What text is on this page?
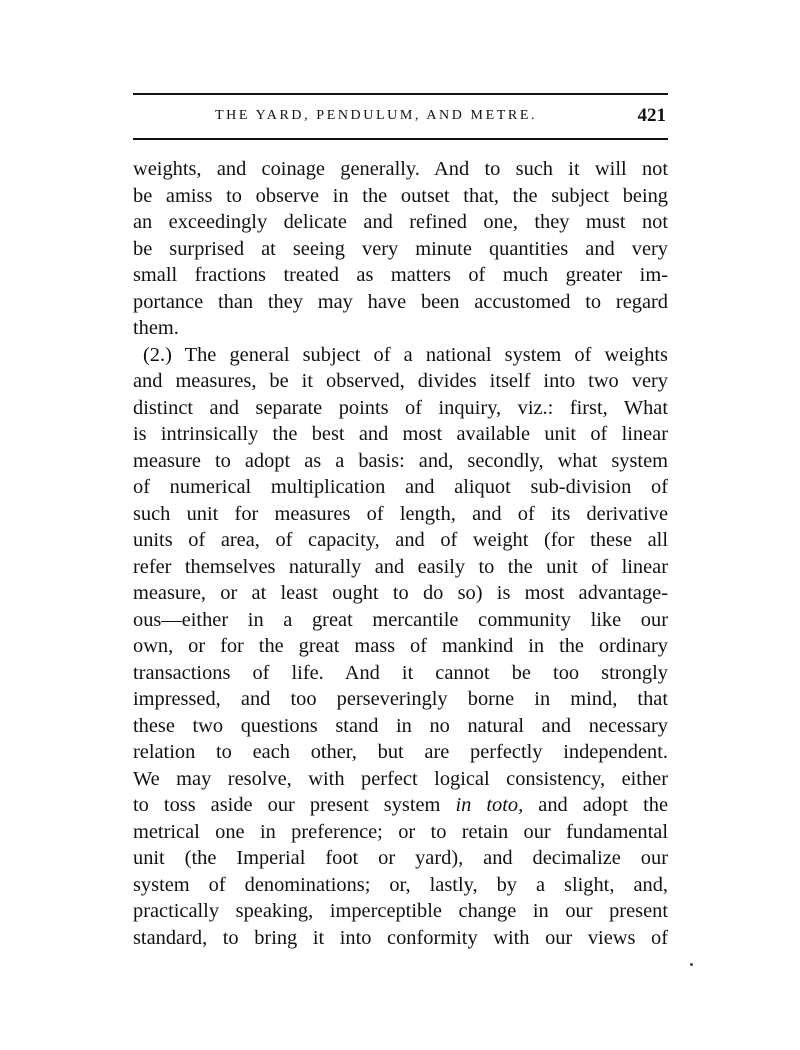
THE YARD, PENDULUM, AND METRE.	421
weights, and coinage generally. And to such it will not
be amiss to observe in the outset that, the subject being
an exceedingly delicate and refined one, they must not
be surprised at seeing very minute quantities and very
small fractions treated as matters of much greater im-
portance than they may have been accustomed to regard
them.
(2.) The general subject of a national system of weights
and measures, be it observed, divides itself into two very
distinct and separate points of inquiry, viz.: first, What
is intrinsically the best and most available unit of linear
measure to adopt as a basis: and, secondly, what system
of numerical multiplication and aliquot sub-division of
such unit for measures of length, and of its derivative
units of area, of capacity, and of weight (for these all
refer themselves naturally and easily to the unit of linear
measure, or at least ought to do so) is most advantage-
ous—either in a great mercantile community like our
own, or for the great mass of mankind in the ordinary
transactions of life. And it cannot be too strongly
impressed, and too perseveringly borne in mind, that
these two questions stand in no natural and necessary
relation to each other, but are perfectly independent.
We may resolve, with perfect logical consistency, either
to toss aside our present system in toto, and adopt the
metrical one in preference; or to retain our fundamental
unit (the Imperial foot or yard), and decimalize our
system of denominations; or, lastly, by a slight, and,
practically speaking, imperceptible change in our present
standard, to bring it into conformity with our views of
